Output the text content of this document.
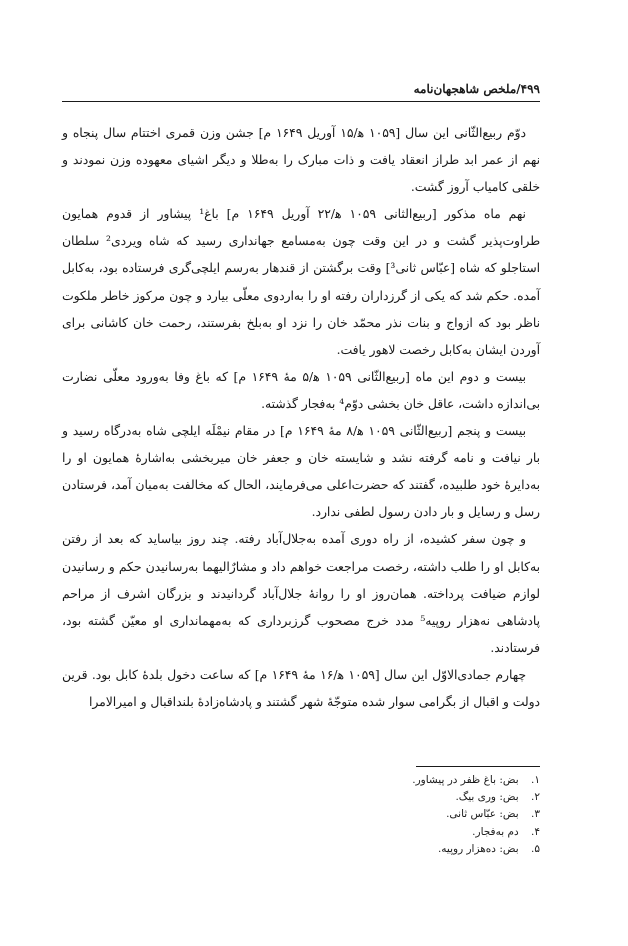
۴۹۹/ملخص شاهجهان‌نامه

دوّم ربیع‌الثّانی این سال [۱۰۵۹ ه‍/۱۵ آوریل ۱۶۴۹ م] جشن وزن قمری اختتام سال پنجاه و نهم از عمر ابد طراز انعقاد یافت و ذات مبارک را به‌طلا و دیگر اشیای معهوده وزن نمودند و خلقی کامیاب آروز گشت.

نهم ماه مذکور [ربیع‌الثانی ۱۰۵۹ ه‍/۲۲ آوریل ۱۶۴۹ م] باغ¹ پیشاور از قدوم همایون طراوت‌پذیر گشت و در این وقت چون به‌مسامع جهانداری رسید که شاه ویردی² سلطان استاجلو که شاه [عبّاس ثانی³] وقت برگشتن از قندهار به‌رسم ایلچی‌گری فرستاده بود، به‌کابل آمده. حکم شد که یکی از گرزداران رفته او را به‌اردوی معلّی بیارد و چون مرکوز خاطر ملکوت ناظر بود که ازواج و بنات نذر محمّد خان را نزد او به‌بلخ بفرستند، رحمت خان کاشانی برای آوردن ایشان به‌کابل رخصت لاهور یافت.

بیست و دوم این ماه [ربیع‌الثّانی ۱۰۵۹ ه‍/۵ مهٔ ۱۶۴۹ م] که باغ وفا به‌ورود معلّی نضارت بی‌اندازه داشت، عاقل خان بخشی دوّم⁴ به‌فجار گذشته.

بیست و پنجم [ربیع‌الثّانی ۱۰۵۹ ه‍/۸ مهٔ ۱۶۴۹ م] در مقام نیمْلَه ایلچی شاه به‌درگاه رسید و بار نیافت و نامه گرفته نشد و شایسته خان و جعفر خان میربخشی به‌اشارهٔ همایون او را به‌دایرهٔ خود طلبیده، گفتند که حضرت‌اعلی می‌فرمایند، الحال که مخالفت به‌میان آمد، فرستادن رسل و رسایل و بار دادن رسول لطفی ندارد.

و چون سفر کشیده، از راه دوری آمده به‌جلال‌آباد رفته. چند روز بیاساید که بعد از رفتن به‌کابل او را طلب داشته، رخصت مراجعت خواهم داد و مشارٌالیهما به‌رسانیدن حکم و رسانیدن لوازم ضیافت پرداخته. همان‌روز او را روانهٔ جلال‌آباد گردانیدند و بزرگان اشرف از مراحم پادشاهی نه‌هزار روپیه⁵ مدد خرج مصحوب گرزبرداری که به‌مهمانداری او معیّن گشته بود، فرستادند.

چهارم جمادی‌الاوّل این سال [۱۰۵۹ ه‍/۱۶ مهٔ ۱۶۴۹ م] که ساعت دخول بلدهٔ کابل بود. قرین دولت و اقبال از بگرامی سوار شده متوجّهٔ شهر گشتند و پادشاه‌زادهٔ بلنداقبال و امیرالامرا

۱. بض: باغ ظفر در پیشاور.
۲. بض: وری بیگ.
۳. بض: عبّاس ثانی.
۴. دم به‌فجار.
۵. بض: ده‌هزار روپیه.
